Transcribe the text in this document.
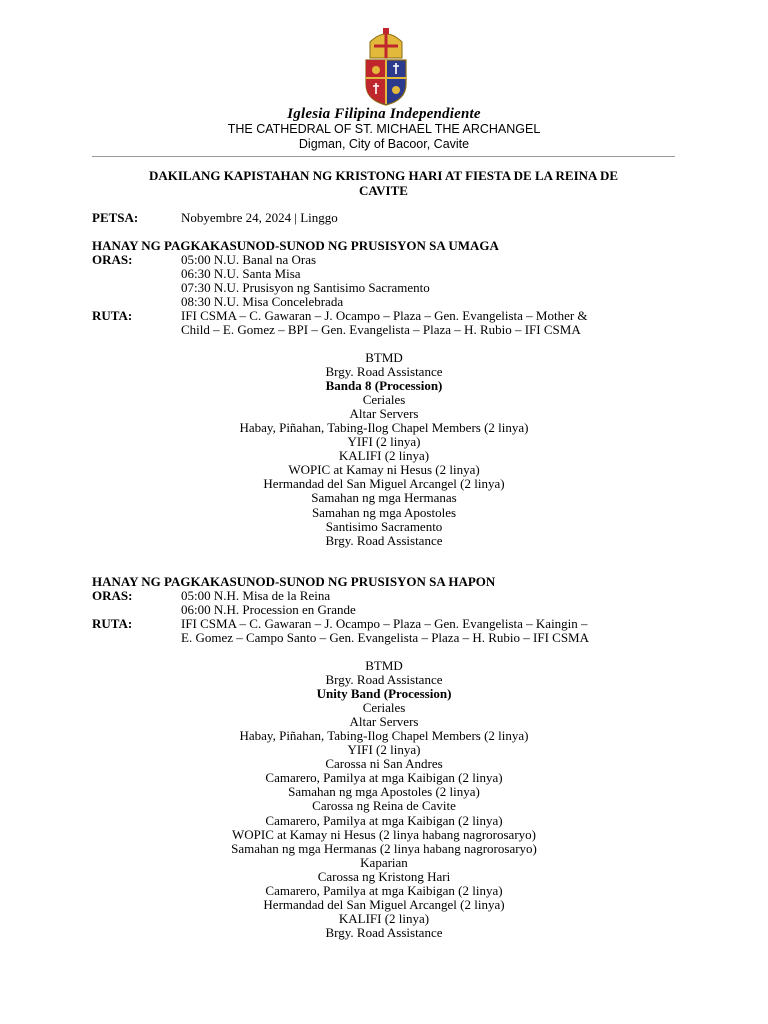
Iglesia Filipina Independiente
THE CATHEDRAL OF ST. MICHAEL THE ARCHANGEL
Digman, City of Bacoor, Cavite
DAKILANG KAPISTAHAN NG KRISTONG HARI AT FIESTA DE LA REINA DE
CAVITE
PETSA:	Nobyembre 24, 2024 | Linggo
HANAY NG PAGKAKASUNOD-SUNOD NG PRUSISYON SA UMAGA
ORAS:	05:00 N.U. Banal na Oras
06:30 N.U. Santa Misa
07:30 N.U. Prusisyon ng Santisimo Sacramento
08:30 N.U. Misa Concelebrada
RUTA:	IFI CSMA – C. Gawaran – J. Ocampo – Plaza – Gen. Evangelista – Mother &
Child – E. Gomez – BPI – Gen. Evangelista – Plaza – H. Rubio – IFI CSMA
BTMD
Brgy. Road Assistance
Banda 8 (Procession)
Ceriales
Altar Servers
Habay, Piñahan, Tabing-Ilog Chapel Members (2 linya)
YIFI (2 linya)
KALIFI (2 linya)
WOPIC at Kamay ni Hesus (2 linya)
Hermandad del San Miguel Arcangel (2 linya)
Samahan ng mga Hermanas
Samahan ng mga Apostoles
Santisimo Sacramento
Brgy. Road Assistance
HANAY NG PAGKAKASUNOD-SUNOD NG PRUSISYON SA HAPON
ORAS:	05:00 N.H. Misa de la Reina
06:00 N.H. Procession en Grande
RUTA:	IFI CSMA – C. Gawaran – J. Ocampo – Plaza – Gen. Evangelista – Kaingin –
E. Gomez – Campo Santo – Gen. Evangelista – Plaza – H. Rubio – IFI CSMA
BTMD
Brgy. Road Assistance
Unity Band (Procession)
Ceriales
Altar Servers
Habay, Piñahan, Tabing-Ilog Chapel Members (2 linya)
YIFI (2 linya)
Carossa ni San Andres
Camarero, Pamilya at mga Kaibigan (2 linya)
Samahan ng mga Apostoles (2 linya)
Carossa ng Reina de Cavite
Camarero, Pamilya at mga Kaibigan (2 linya)
WOPIC at Kamay ni Hesus (2 linya habang nagrorosaryo)
Samahan ng mga Hermanas (2 linya habang nagrorosaryo)
Kaparian
Carossa ng Kristong Hari
Camarero, Pamilya at mga Kaibigan (2 linya)
Hermandad del San Miguel Arcangel (2 linya)
KALIFI (2 linya)
Brgy. Road Assistance
